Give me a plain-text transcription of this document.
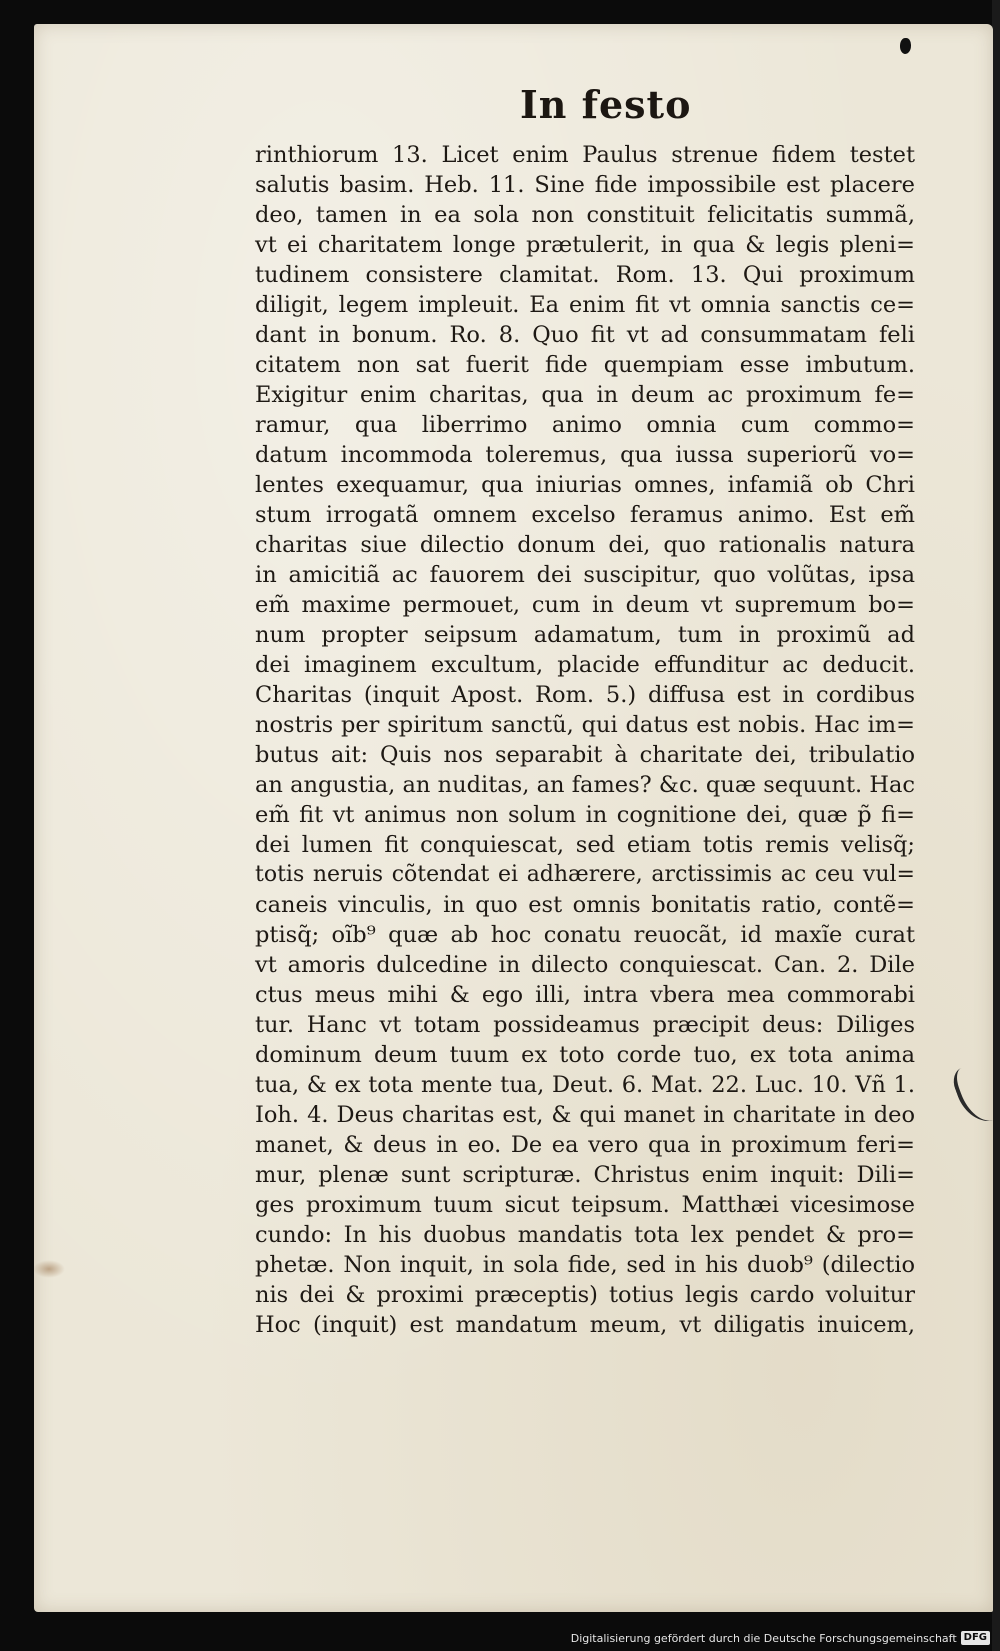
In festo
rinthiorum 13. Licet enim Paulus strenue fidem testet
salutis basim. Heb. 11. Sine fide impossibile est placere
deo, tamen in ea sola non constituit felicitatis summã,
vt ei charitatem longe prætulerit, in qua & legis pleni=
tudinem consistere clamitat. Rom. 13. Qui proximum
diligit, legem impleuit. Ea enim fit vt omnia sanctis ce=
dant in bonum. Ro. 8. Quo fit vt ad consummatam feli
citatem non sat fuerit fide quempiam esse imbutum.
Exigitur enim charitas, qua in deum ac proximum fe=
ramur, qua liberrimo animo omnia cum commo=
datum incommoda toleremus, qua iussa superiorũ vo=
lentes exequamur, qua iniurias omnes, infamiã ob Chri
stum irrogatã omnem excelso feramus animo. Est em̃
charitas siue dilectio donum dei, quo rationalis natura
in amicitiã ac fauorem dei suscipitur, quo volũtas, ipsa
em̃ maxime permouet, cum in deum vt supremum bo=
num propter seipsum adamatum, tum in proximũ ad
dei imaginem excultum, placide effunditur ac deducit.
Charitas (inquit Apost. Rom. 5.) diffusa est in cordibus
nostris per spiritum sanctũ, qui datus est nobis. Hac im=
butus ait: Quis nos separabit à charitate dei, tribulatio
an angustia, an nuditas, an fames? &c. quæ sequunt. Hac
em̃ fit vt animus non solum in cognitione dei, quæ p̃ fi=
dei lumen fit conquiescat, sed etiam totis remis velisq̃;
totis neruis cõtendat ei adhærere, arctissimis ac ceu vul=
caneis vinculis, in quo est omnis bonitatis ratio, contẽ=
ptisq̃; oĩb⁹ quæ ab hoc conatu reuocãt, id maxĩe curat
vt amoris dulcedine in dilecto conquiescat. Can. 2. Dile
ctus meus mihi & ego illi, intra vbera mea commorabi
tur. Hanc vt totam possideamus præcipit deus: Diliges
dominum deum tuum ex toto corde tuo, ex tota anima
tua, & ex tota mente tua, Deut. 6. Mat. 22. Luc. 10. Vñ 1.
Ioh. 4. Deus charitas est, & qui manet in charitate in deo
manet, & deus in eo. De ea vero qua in proximum feri=
mur, plenæ sunt scripturæ. Christus enim inquit: Dili=
ges proximum tuum sicut teipsum. Matthæi vicesimose
cundo: In his duobus mandatis tota lex pendet & pro=
phetæ. Non inquit, in sola fide, sed in his duob⁹ (dilectio
nis dei & proximi præceptis) totius legis cardo voluitur
Hoc (inquit) est mandatum meum, vt diligatis inuicem,
Digitalisierung gefördert durch die Deutsche Forschungsgemeinschaft DFG
